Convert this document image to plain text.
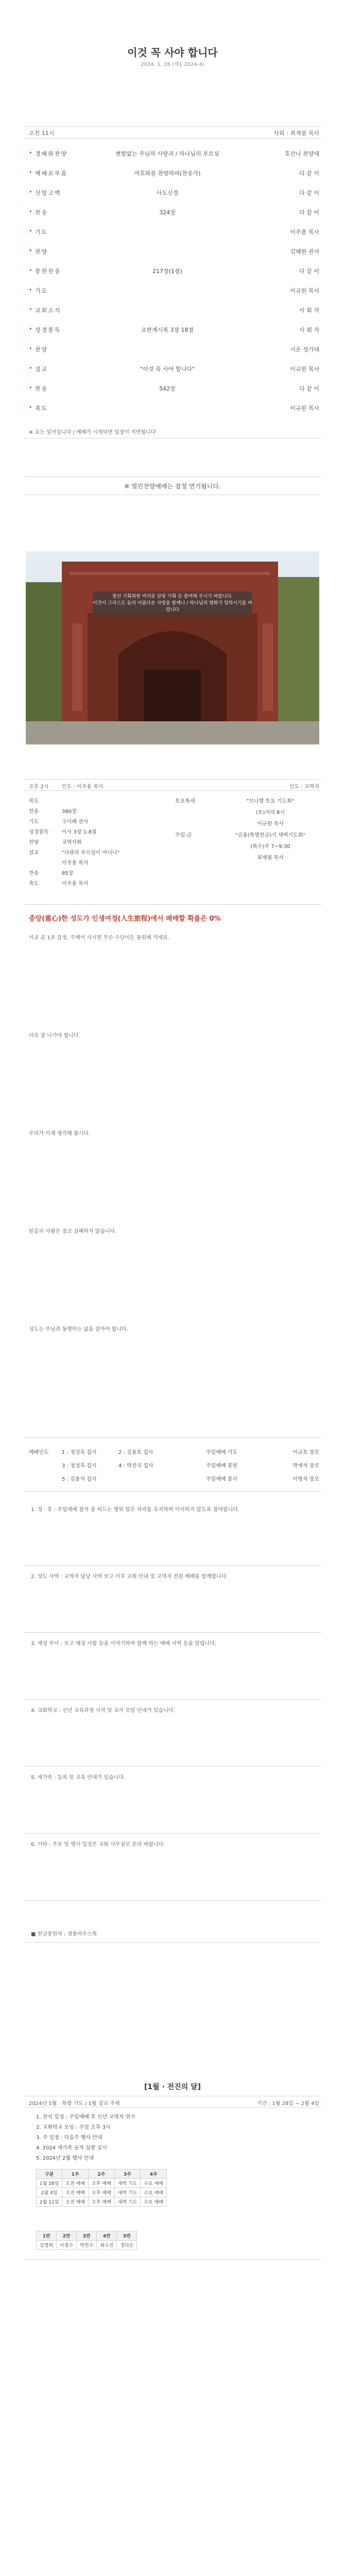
이것 꼭 사야 합니다
2024. 1. 28 (제1 2024-4)
오전 11시	사회 : 최재필 목사
• 경배와찬양	변함없는 주님의 사랑과 / 하나님의 부르심	호산나 찬양대
• 예배로부름	여호와를 찬양하며(찬송가)	다 같 이
• 신앙고백	사도신경	다 같 이
• 찬송	324장	다 같 이
• 기도	이주용 목사
• 찬양	김혜원 권사
• 봉헌찬송	217장(1절)	다 같 이
• 기도	이규원 목사
• 교회소식	사 회 자
• 성경봉독	요한계시록 3장 18절	사 회 자
• 찬양	시온 성가대
• 설교	"이것 꼭 사야 합니다"	이규원 목사
• 찬송	542장	다 같 이
• 축도	이규원 목사
※ 표는 일어섭니다 / 예배가 시작되면 입장이 지연됩니다
※ 열린찬양예배는 잠정 연기됩니다.
창신 기획위원 여러분 담당 기획 등 참여해 주시기 바랍니다.
이것이 그리스도 들의 아름다운 사랑을 함께나 / 하나님의 평화가 임하시기를 바랍니다
오후 2시	인도 : 이주용 목사	인도 : 교역자
묵도
찬송	380장
기도	구이례 권사
성경봉독	이사 3장 1-8절
찬양	교역자회
설교	"나와의 부르심이 아니니"
이주용 목사
찬송	85장
축도	이주용 목사
토요특새	"브니엘 토요 기도회"
(토)저녁 8시
이규원 목사
주일-금	"금융(특별헌금)기 새벽기도회"
(특수)주 7~9:30
최재필 목사
중앙(重心)한 성도가 인생여정(人生旅程)에서 패배할 확률은 0%
이곳 곧 1초 감정, 주께서 사시면 무슨 수단이든 동원해 가세요.
더욱 잘 나가야 합니다.
우리가 이제 생각해 봅시다.
믿음의 사람은 결코 실패하지 않습니다.
성도는 주님과 동행하는 삶을 살아야 합니다.
예배인도	1 : 정성욱 집사	2 : 김용호 집사	주일예배 기도	이규호 장로
3 : 정성욱 집사	4 : 박진국 집사	주일예배 봉헌	박재석 장로
5 : 김용석 집사	주일예배 봉사	이병석 장로
1. 정 · 휴 : 주일예배 참석 중 떠드는 행위 앉은 자리를 유지하며 이석하지 않도록 참여합니다.
2. 성도 사역 : 교역자 담당 사역 보고 이후 교회 안내 및 교역자 전원 예배를 함께합니다.
3. 재정 부서 : 보고 예정 사항 등을 이야기하며 함께 하는 예배 사역 등을 알립니다.
4. 교회학교 : 신년 교육과정 시작 및 교사 모임 안내가 있습니다.
5. 새가족 : 등록 및 교육 안내가 있습니다.
6. 기타 : 주보 및 행사 일정은 교회 사무실로 문의 바랍니다.
■ 헌금봉헌자 : 정통마우스톡
[1월 · 전진의 달]
2024년 1월 특별 기도 / 1월 설교 주제	기간 : 1월 28일 ~ 2월 4일
1. 찬식 일정 : 주일예배 후 신년 교역자 연수
2. 교회학교 모임 : 주일 오후 3시
3. 주 일정 : 다음주 행사 안내
4. 2024 새가족 공적 심방 실시
5. 2024년 2월 행사 안내
구분	1주	2주	3주	4주
1월 28일	오전 예배	오후 예배	새벽 기도	수요 예배
2월 4일	오전 예배	오후 예배	새벽 기도	수요 예배
2월 11일	오전 예배	오후 예배	새벽 기도	수요 예배
1반	2반	3반	4반	5반
김영희	이철수	박민수	최수진	정다은
